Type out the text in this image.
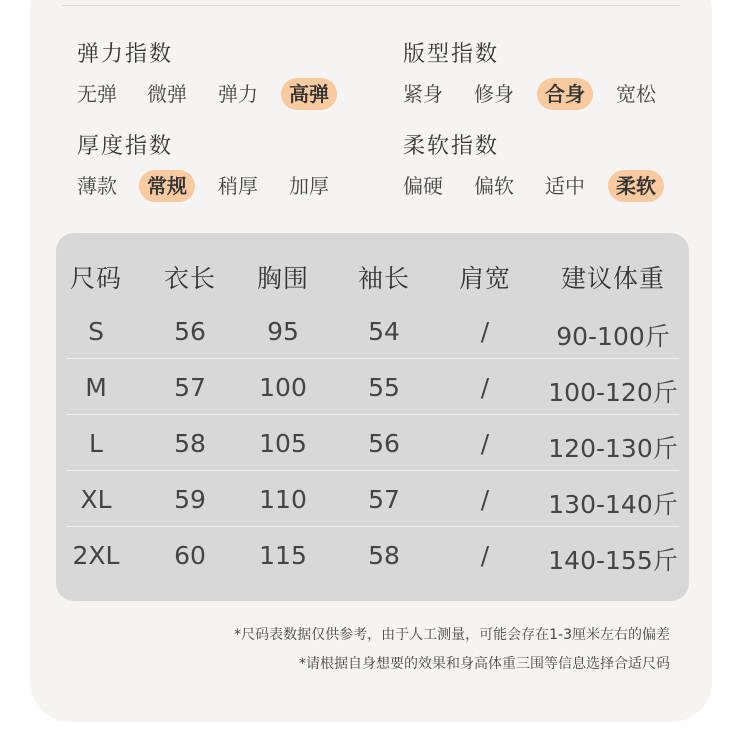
弹力指数
无弹 微弹 弹力	高弹
版型指数
紧身 修身	合身	宽松
厚度指数
薄款	常规	稍厚 加厚
柔软指数
偏硬 偏软 适中	柔软
尺码 衣长 胸围 袖长 肩宽 建议体重
S	56 95	54	/	90-100斤
M	57 100 55	/ 100-120斤
L	58 105 56	/ 120-130斤
XL	59 110 57	/ 130-140斤
2XL 60 115 58	/ 140-155斤
*尺码表数据仅供参考，由于人工测量，可能会存在1-3厘米左右的偏差
*请根据自身想要的效果和身高体重三围等信息选择合适尺码
